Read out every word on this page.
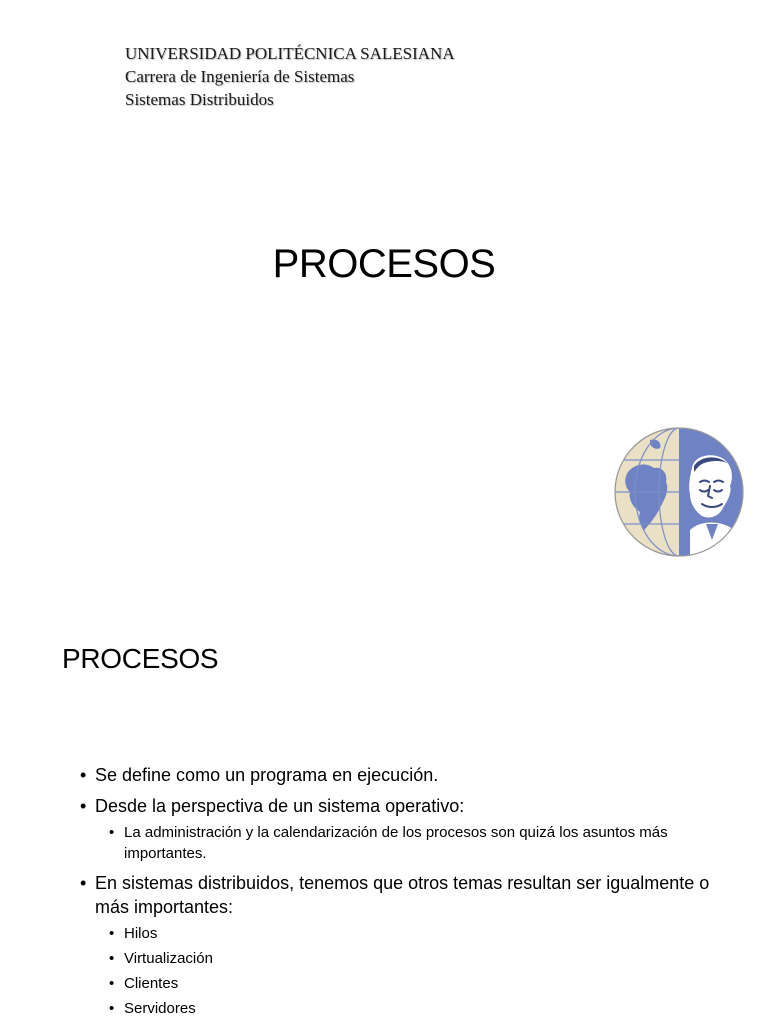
UNIVERSIDAD POLITÉCNICA SALESIANA
Carrera de Ingeniería de Sistemas
Sistemas Distribuidos
PROCESOS
PROCESOS
• Se define como un programa en ejecución.
• Desde la perspectiva de un sistema operativo:
• La administración y la calendarización de los procesos son quizá los asuntos más importantes.
• En sistemas distribuidos, tenemos que otros temas resultan ser igualmente o más importantes:
• Hilos
• Virtualización
• Clientes
• Servidores
